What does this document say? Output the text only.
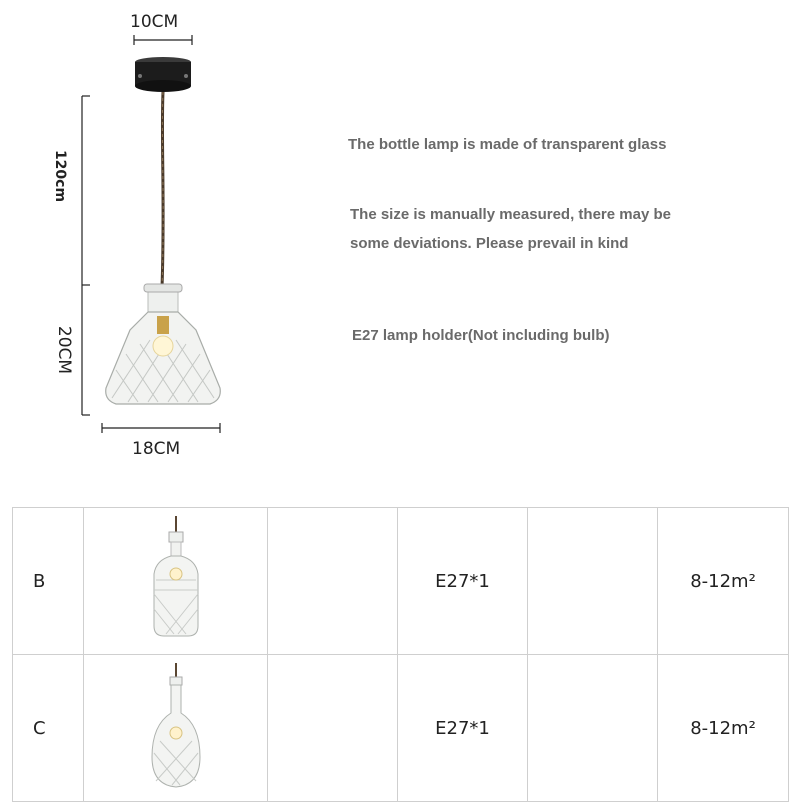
10CM
120cm
20CM
18CM
The bottle lamp is made of transparent glass
The size is manually measured, there may be
some deviations. Please prevail in kind
E27 lamp holder(Not including bulb)
B			E27*1		8-12m²
C			E27*1		8-12m²
